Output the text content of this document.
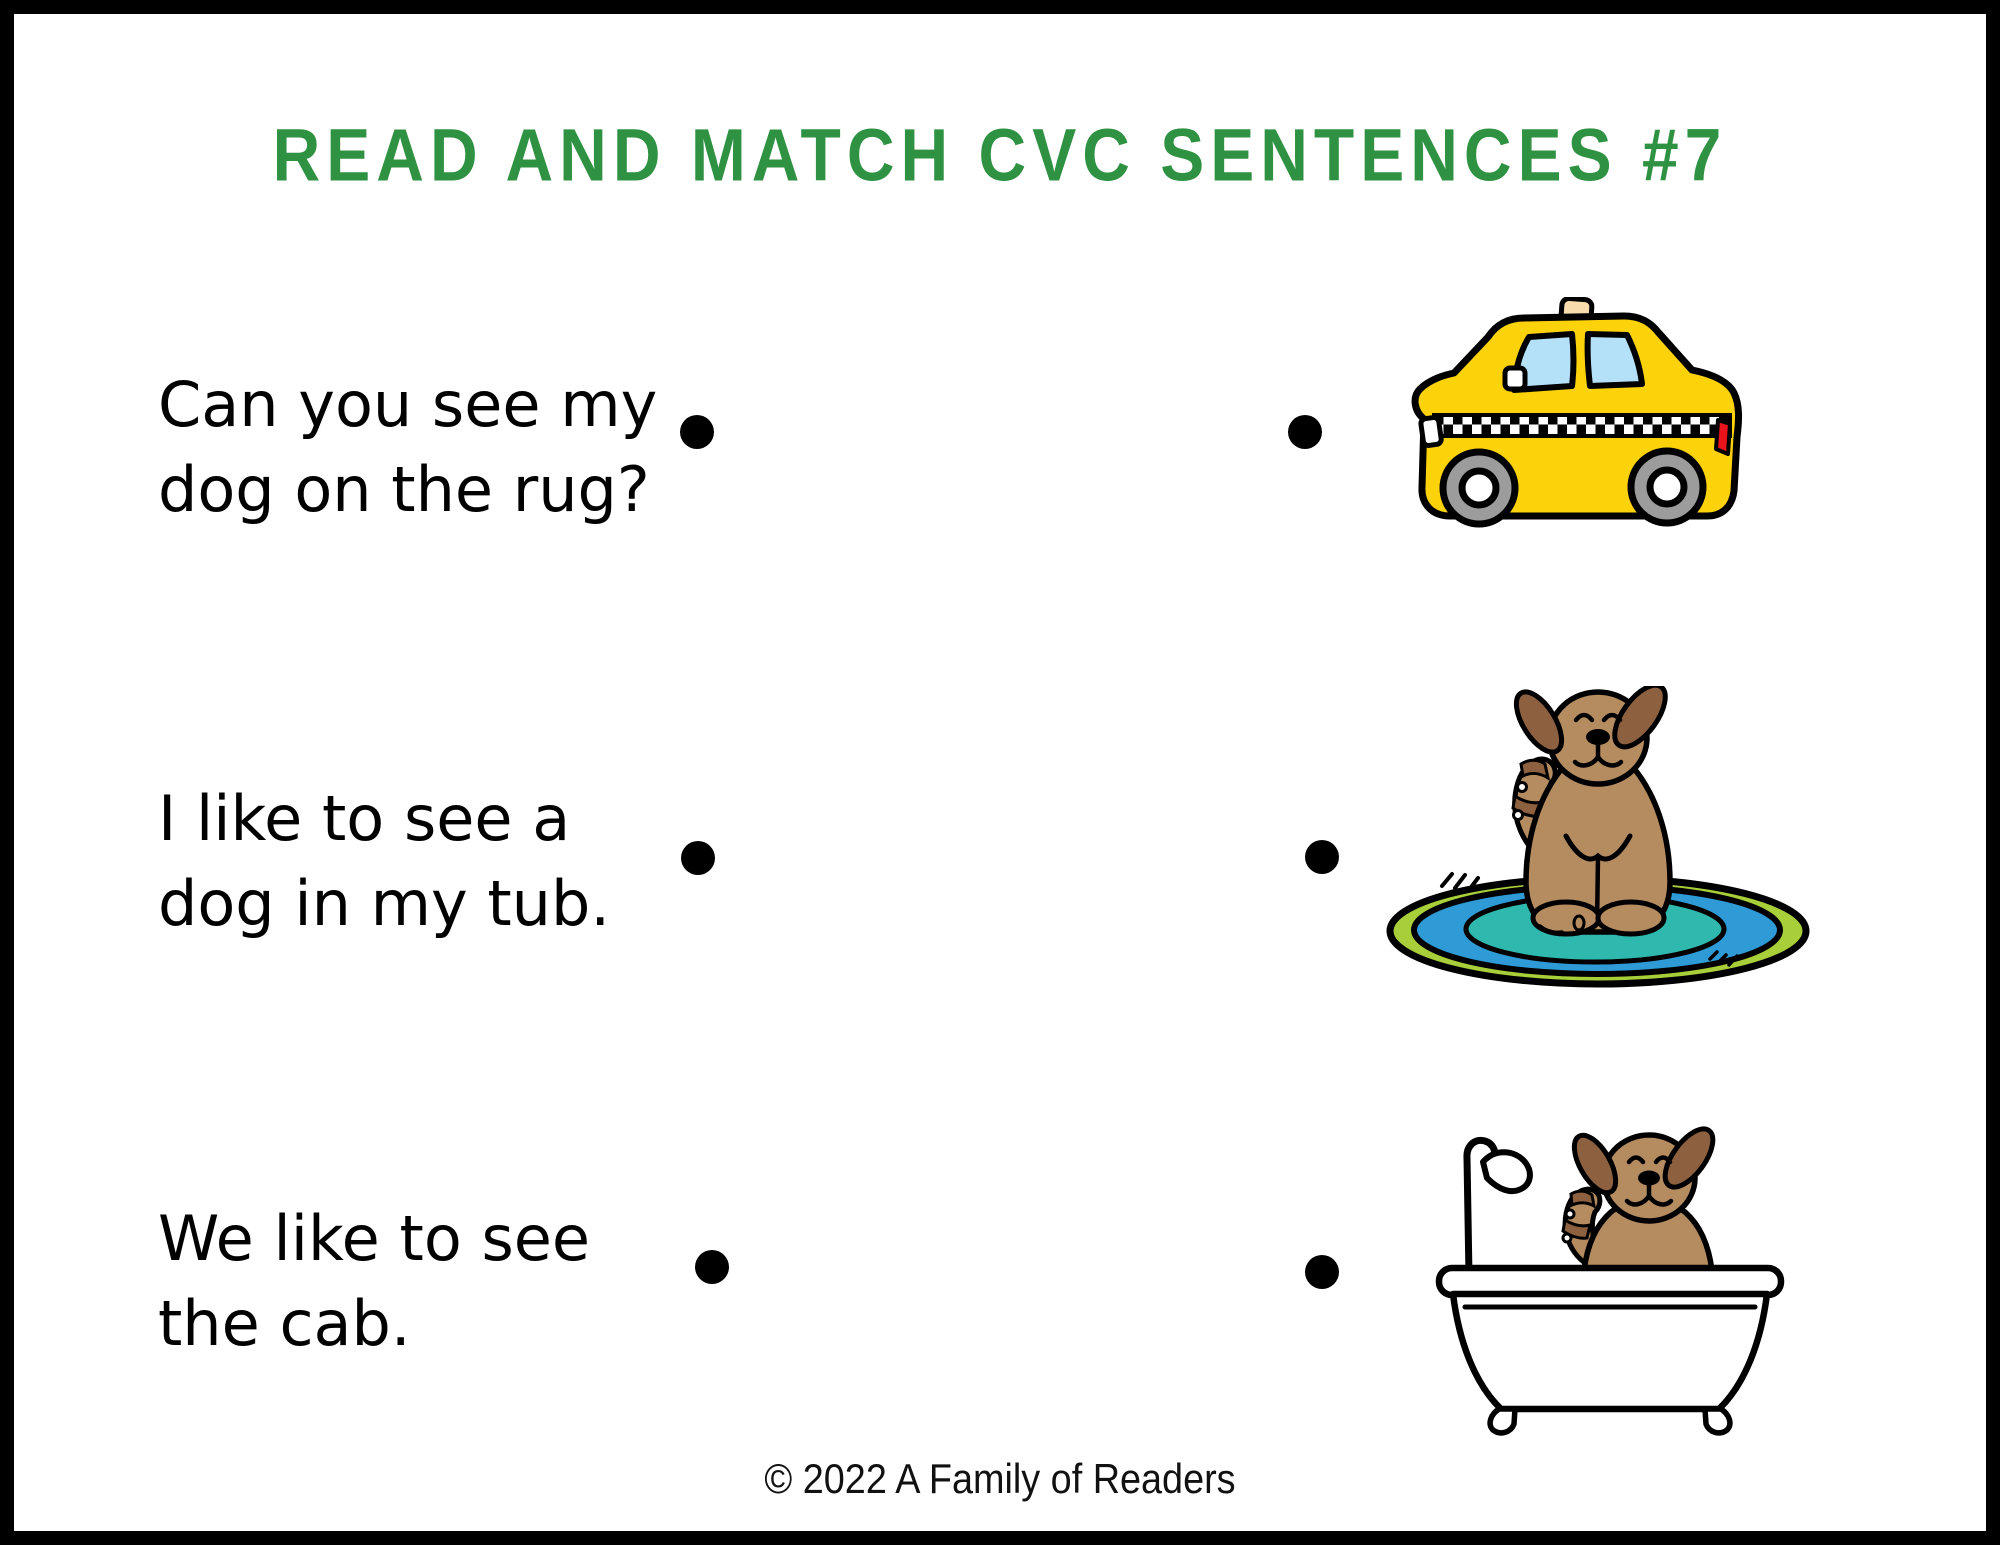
READ AND MATCH CVC SENTENCES #7
Can you see my
dog on the rug?
I like to see a
dog in my tub.
We like to see
the cab.
© 2022 A Family of Readers
